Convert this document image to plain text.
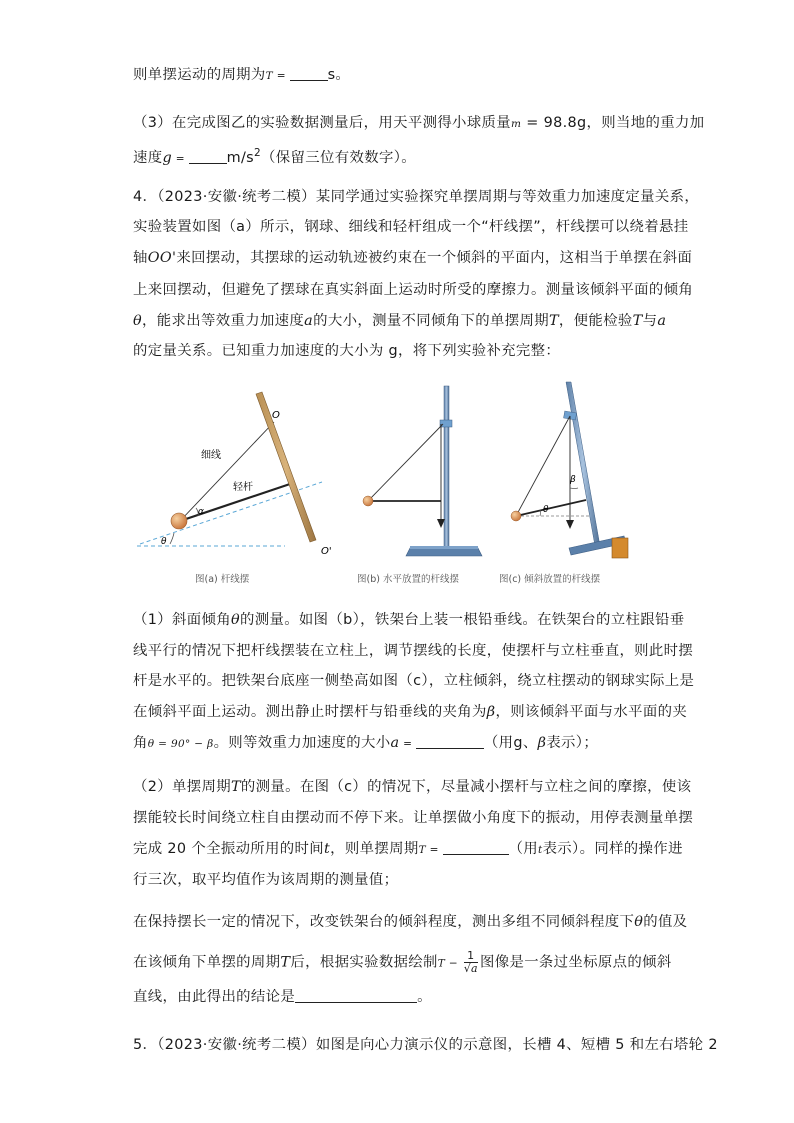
则单摆运动的周期为T =	s。
（3）在完成图乙的实验数据测量后，用天平测得小球质量m = 98.8g，则当地的重力加
速度g =	$m/s^2$（保留三位有效数字）。
4．（2023·安徽·统考二模）某同学通过实验探究单摆周期与等效重力加速度定量关系，
实验装置如图（a）所示，钢球、细线和轻杆组成一个“杆线摆”，杆线摆可以绕着悬挂
轴OO'来回摆动，其摆球的运动轨迹被约束在一个倾斜的平面内，这相当于单摆在斜面
上来回摆动，但避免了摆球在真实斜面上运动时所受的摩擦力。测量该倾斜平面的倾角
θ，能求出等效重力加速度a的大小，测量不同倾角下的单摆周期T，便能检验T与a
的定量关系。已知重力加速度的大小为 g，将下列实验补充完整：
O
O'
细线
轻杆
α
θ
图(a) 杆线摆	图(b) 水平放置的杆线摆
β
θ
图(c) 倾斜放置的杆线摆
（1）斜面倾角θ的测量。如图（b），铁架台上装一根铅垂线。在铁架台的立柱跟铅垂
线平行的情况下把杆线摆装在立柱上，调节摆线的长度，使摆杆与立柱垂直，则此时摆
杆是水平的。把铁架台底座一侧垫高如图（c），立柱倾斜，绕立柱摆动的钢球实际上是
在倾斜平面上运动。测出静止时摆杆与铅垂线的夹角为β，则该倾斜平面与水平面的夹
角θ = 90° − β。则等效重力加速度的大小a =	（用g、β表示）；
（2）单摆周期T的测量。在图（c）的情况下，尽量减小摆杆与立柱之间的摩擦，使该
摆能较长时间绕立柱自由摆动而不停下来。让单摆做小角度下的振动，用停表测量单摆
完成 20 个全振动所用的时间t，则单摆周期T =	（用t表示）。同样的操作进
行三次，取平均值作为该周期的测量值；
在保持摆长一定的情况下，改变铁架台的倾斜程度，测出多组不同倾斜程度下θ的值及
在该倾角下单摆的周期T后，根据实验数据绘制$T - \frac{1}{√a}$ 图像是一条过坐标原点的倾斜
直线，由此得出的结论是	。
5．（2023·安徽·统考二模）如图是向心力演示仪的示意图，长槽 4、短槽 5 和左右塔轮 2
